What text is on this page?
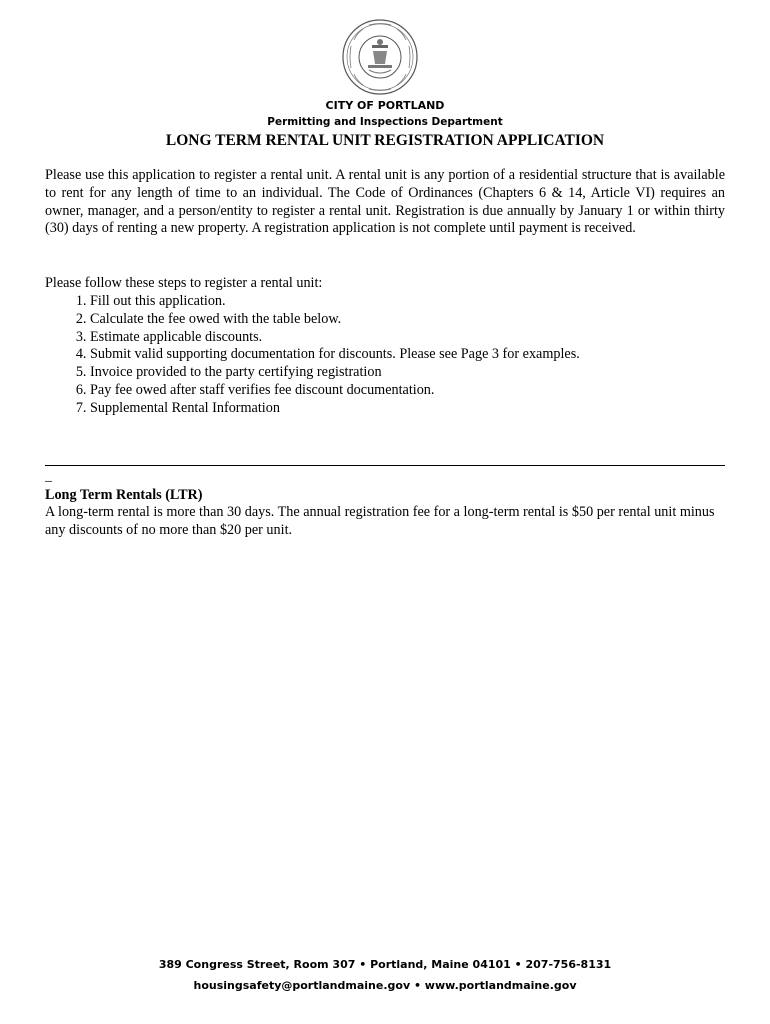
CITY OF PORTLAND
Permitting and Inspections Department
LONG TERM RENTAL UNIT REGISTRATION APPLICATION
Please use this application to register a rental unit. A rental unit is any portion of a residential structure that is available to rent for any length of time to an individual. The Code of Ordinances (Chapters 6 & 14, Article VI) requires an owner, manager, and a person/entity to register a rental unit. Registration is due annually by January 1 or within thirty (30) days of renting a new property. A registration application is not complete until payment is received.
Please follow these steps to register a rental unit:
1. Fill out this application.
2. Calculate the fee owed with the table below.
3. Estimate applicable discounts.
4. Submit valid supporting documentation for discounts. Please see Page 3 for examples.
5. Invoice provided to the party certifying registration
6. Pay fee owed after staff verifies fee discount documentation.
7. Supplemental Rental Information
_
Long Term Rentals (LTR)
A long-term rental is more than 30 days. The annual registration fee for a long-term rental is $50 per rental unit minus any discounts of no more than $20 per unit.
389 Congress Street, Room 307 • Portland, Maine 04101 • 207-756-8131
housingsafety@portlandmaine.gov • www.portlandmaine.gov
